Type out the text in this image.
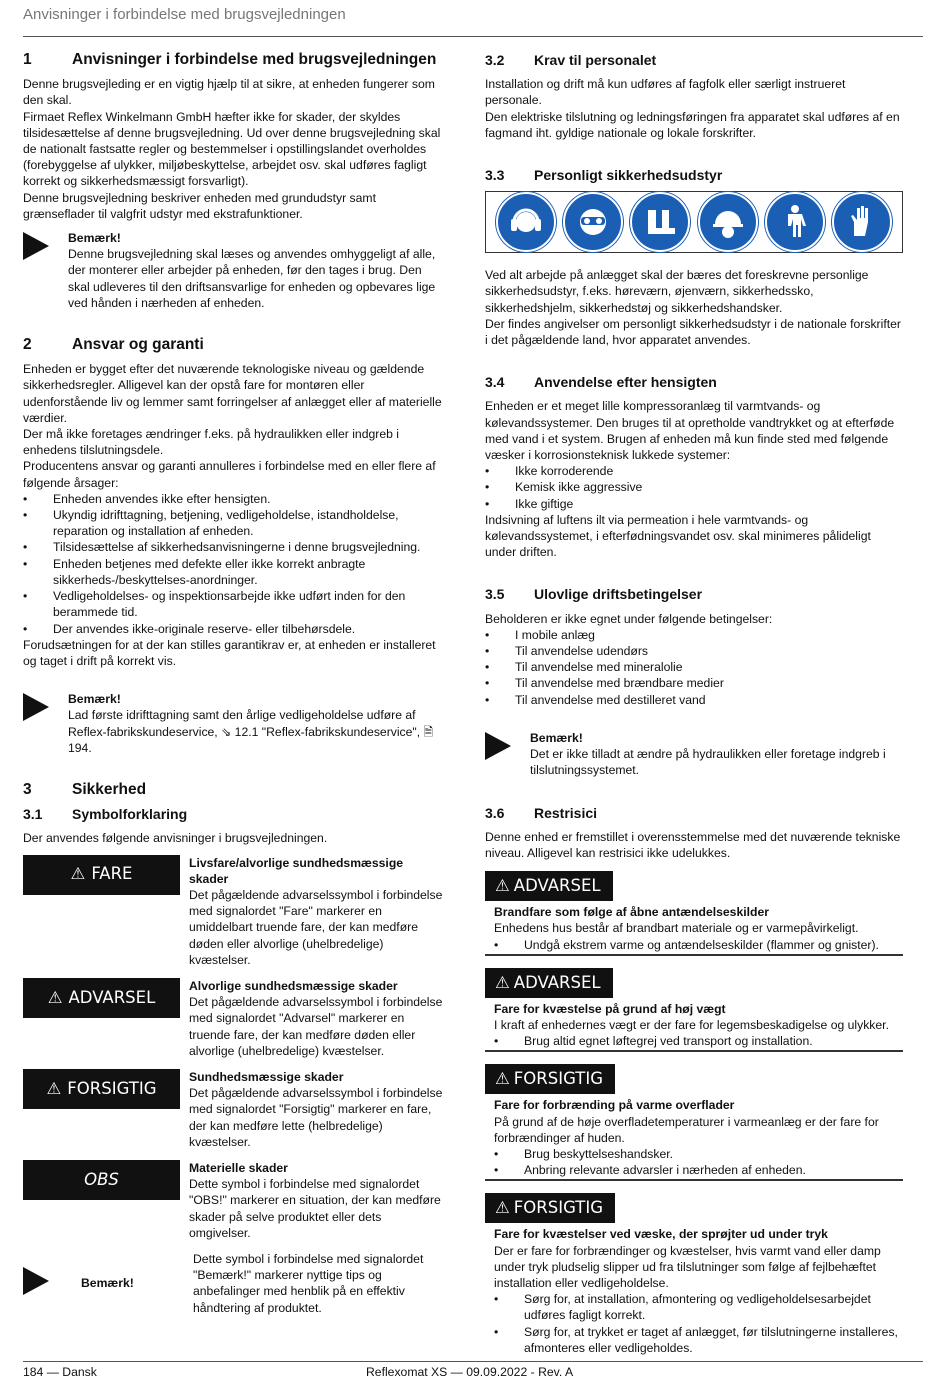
Anvisninger i forbindelse med brugsvejledningen
1	Anvisninger i forbindelse med brugsvejledningen

Denne brugsvejleding er en vigtig hjælp til at sikre, at enheden fungerer som den skal.

Firmaet Reflex Winkelmann GmbH hæfter ikke for skader, der skyldes tilsidesættelse af denne brugsvejledning. Ud over denne brugsvejledning skal de nationalt fastsatte regler og bestemmelser i opstillingslandet overholdes (forebyggelse af ulykker, miljøbeskyttelse, arbejdet osv. skal udføres fagligt korrekt og sikkerhedsmæssigt forsvarligt).

Denne brugsvejledning beskriver enheden med grundudstyr samt grænseflader til valgfrit udstyr med ekstrafunktioner.

Bemærk!

Denne brugsvejledning skal læses og anvendes omhyggeligt af alle, der monterer eller arbejder på enheden, før den tages i brug. Den skal udleveres til den driftsansvarlige for enheden og opbevares lige ved hånden i nærheden af enheden.

2	Ansvar og garanti

Enheden er bygget efter det nuværende teknologiske niveau og gældende sikkerhedsregler. Alligevel kan der opstå fare for montøren eller udenforstående liv og lemmer samt forringelser af anlægget eller af materielle værdier.

Der må ikke foretages ændringer f.eks. på hydraulikken eller indgreb i enhedens tilslutningsdele.

Producentens ansvar og garanti annulleres i forbindelse med en eller flere af følgende årsager:

•	Enheden anvendes ikke efter hensigten.
•	Ukyndig idrifttagning, betjening, vedligeholdelse, istandholdelse, reparation og installation af enheden.
•	Tilsidesættelse af sikkerhedsanvisningerne i denne brugsvejledning.
•	Enheden betjenes med defekte eller ikke korrekt anbragte sikkerheds-/beskyttelses-anordninger.
•	Vedligeholdelses- og inspektionsarbejde ikke udført inden for den berammede tid.
•	Der anvendes ikke-originale reserve- eller tilbehørsdele.

Forudsætningen for at der kan stilles garantikrav er, at enheden er installeret og taget i drift på korrekt vis.

Bemærk!

Lad første idrifttagning samt den årlige vedligeholdelse udføre af Reflex-fabrikskundeservice, ⇘ 12.1 "Reflex-fabrikskundeservice", 🗎 194.

3	Sikkerhed
3.1	Symbolforklaring

Der anvendes følgende anvisninger i brugsvejledningen.

⚠ FARE
Livsfare/alvorlige sundhedsmæssige skader

Det pågældende advarselssymbol i forbindelse med signalordet "Fare" markerer en umiddelbart truende fare, der kan medføre døden eller alvorlige (uhelbredelige) kvæstelser.

⚠ ADVARSEL
Alvorlige sundhedsmæssige skader

Det pågældende advarselssymbol i forbindelse med signalordet "Advarsel" markerer en truende fare, der kan medføre døden eller alvorlige (uhelbredelige) kvæstelser.

⚠ FORSIGTIG
Sundhedsmæssige skader

Det pågældende advarselssymbol i forbindelse med signalordet "Forsigtig" markerer en fare, der kan medføre lette (helbredelige) kvæstelser.

OBS
Materielle skader

Dette symbol i forbindelse med signalordet "OBS!" markerer en situation, der kan medføre skader på selve produktet eller dets omgivelser.

Bemærk!

Dette symbol i forbindelse med signalordet "Bemærk!" markerer nyttige tips og anbefalinger med henblik på en effektiv håndtering af produktet.

3.2	Krav til personalet

Installation og drift må kun udføres af fagfolk eller særligt instrueret personale.

Den elektriske tilslutning og ledningsføringen fra apparatet skal udføres af en fagmand iht. gyldige nationale og lokale forskrifter.

3.3	Personligt sikkerhedsudstyr

Ved alt arbejde på anlægget skal der bæres det foreskrevne personlige sikkerhedsudstyr, f.eks. høreværn, øjenværn, sikkerhedssko, sikkerhedshjelm, sikkerhedstøj og sikkerhedshandsker.

Der findes angivelser om personligt sikkerhedsudstyr i de nationale forskrifter i det pågældende land, hvor apparatet anvendes.

3.4	Anvendelse efter hensigten

Enheden er et meget lille kompressoranlæg til varmtvands- og kølevandssystemer. Den bruges til at opretholde vandtrykket og at efterføde med vand i et system. Brugen af enheden må kun finde sted med følgende væsker i korrosionsteknisk lukkede systemer:

•	Ikke korroderende
•	Kemisk ikke aggressive
•	Ikke giftige

Indsivning af luftens ilt via permeation i hele varmtvands- og kølevandssystemet, i efterfødningsvandet osv. skal minimeres pålideligt under driften.

3.5	Ulovlige driftsbetingelser

Beholderen er ikke egnet under følgende betingelser:

•	I mobile anlæg
•	Til anvendelse udendørs
•	Til anvendelse med mineralolie
•	Til anvendelse med brændbare medier
•	Til anvendelse med destilleret vand
Bemærk!

Det er ikke tilladt at ændre på hydraulikken eller foretage indgreb i tilslutningssystemet.

3.6	Restrisici

Denne enhed er fremstillet i overensstemmelse med det nuværende tekniske niveau. Alligevel kan restrisici ikke udelukkes.

⚠ ADVARSEL
Brandfare som følge af åbne antændelseskilder

Enhedens hus består af brandbart materiale og er varmepåvirkeligt.

•	Undgå ekstrem varme og antændelseskilder (flammer og gnister).
⚠ ADVARSEL
Fare for kvæstelse på grund af høj vægt

I kraft af enhedernes vægt er der fare for legemsbeskadigelse og ulykker.

•	Brug altid egnet løftegrej ved transport og installation.
⚠ FORSIGTIG
Fare for forbrænding på varme overflader

På grund af de høje overfladetemperaturer i varmeanlæg er der fare for forbrændinger af huden.

•	Brug beskyttelseshandsker.
•	Anbring relevante advarsler i nærheden af enheden.
⚠ FORSIGTIG
Fare for kvæstelser ved væske, der sprøjter ud under tryk

Der er fare for forbrændinger og kvæstelser, hvis varmt vand eller damp under tryk pludselig slipper ud fra tilslutninger som følge af fejlbehæftet installation eller vedligeholdelse.

•	Sørg for, at installation, afmontering og vedligeholdelsesarbejdet udføres fagligt korrekt.
•	Sørg for, at trykket er taget af anlægget, før tilslutningerne installeres, afmonteres eller vedligeholdes.
184 — Dansk	Reflexomat XS — 09.09.2022 - Rev. A
